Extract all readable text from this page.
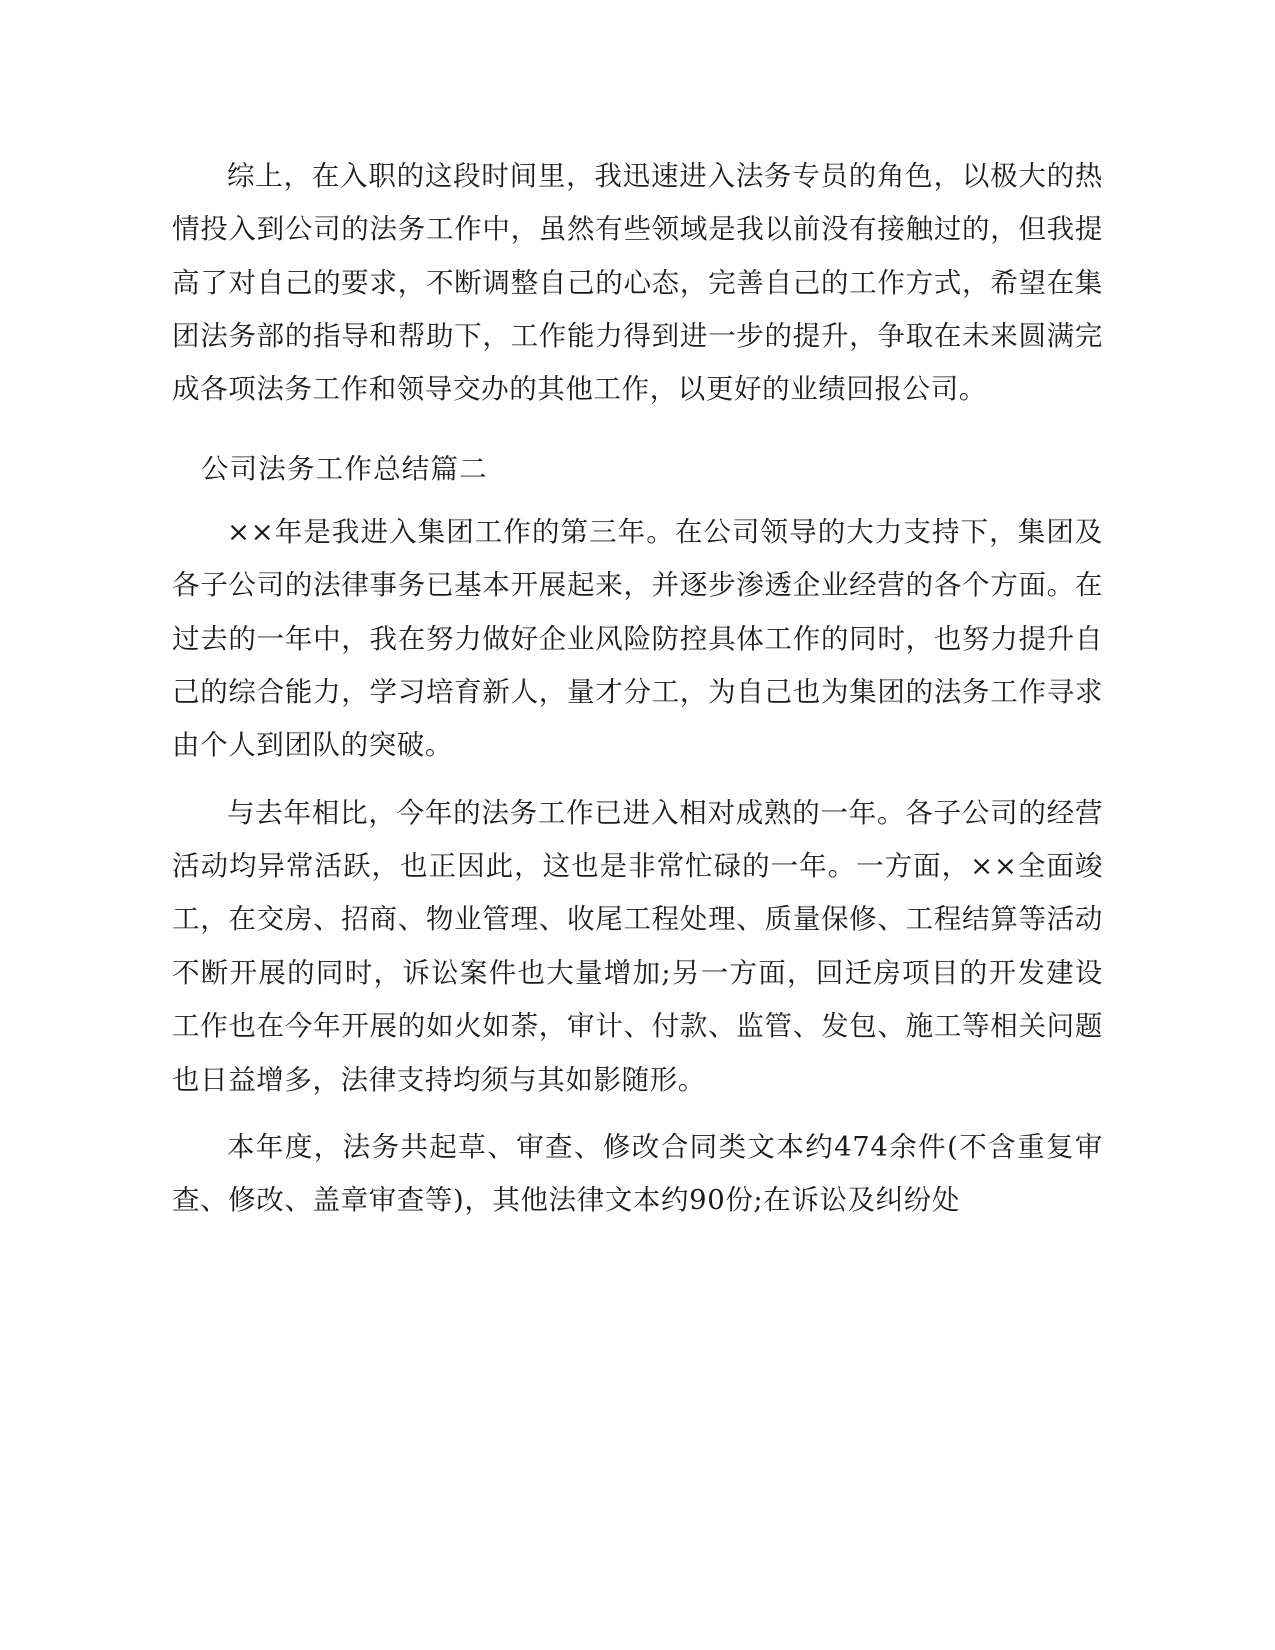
综上，在入职的这段时间里，我迅速进入法务专员的角色，以极大的热情投入到公司的法务工作中，虽然有些领域是我以前没有接触过的，但我提高了对自己的要求，不断调整自己的心态，完善自己的工作方式，希望在集团法务部的指导和帮助下，工作能力得到进一步的提升，争取在未来圆满完成各项法务工作和领导交办的其他工作，以更好的业绩回报公司。

公司法务工作总结篇二

××年是我进入集团工作的第三年。在公司领导的大力支持下，集团及各子公司的法律事务已基本开展起来，并逐步渗透企业经营的各个方面。在过去的一年中，我在努力做好企业风险防控具体工作的同时，也努力提升自己的综合能力，学习培育新人，量才分工，为自己也为集团的法务工作寻求由个人到团队的突破。

与去年相比，今年的法务工作已进入相对成熟的一年。各子公司的经营活动均异常活跃，也正因此，这也是非常忙碌的一年。一方面，××全面竣工，在交房、招商、物业管理、收尾工程处理、质量保修、工程结算等活动不断开展的同时，诉讼案件也大量增加;另一方面，回迁房项目的开发建设工作也在今年开展的如火如荼，审计、付款、监管、发包、施工等相关问题也日益增多，法律支持均须与其如影随形。

本年度，法务共起草、审查、修改合同类文本约474余件(不含重复审查、修改、盖章审查等)，其他法律文本约90份;在诉讼及纠纷处
